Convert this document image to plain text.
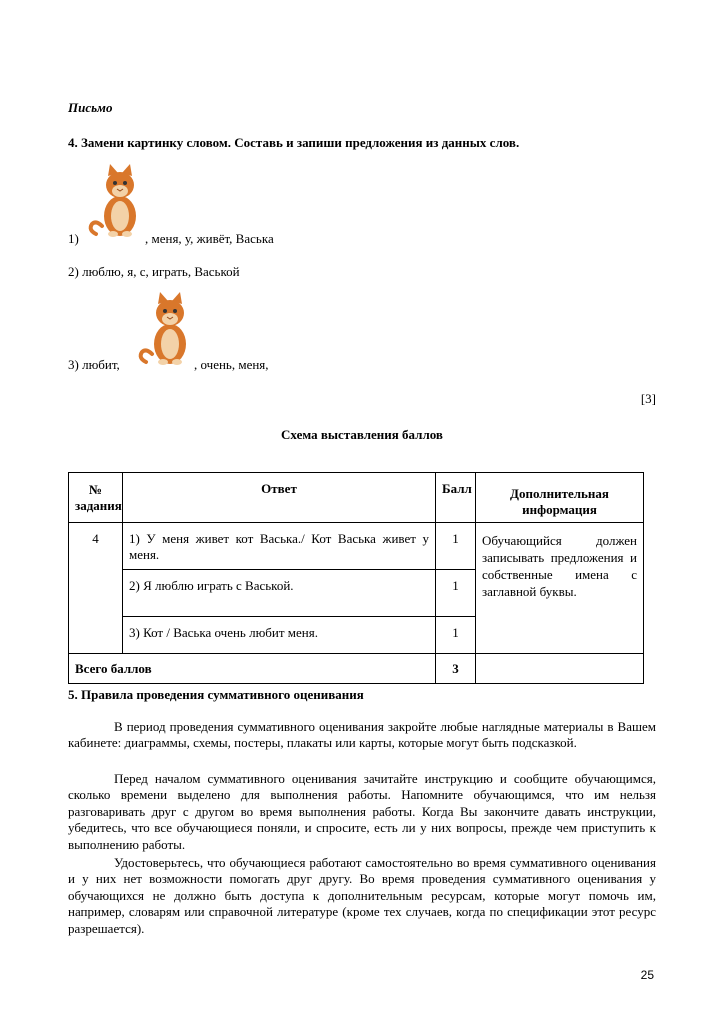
Письмо
4. Замени картинку словом. Составь и запиши предложения из данных слов.
1)	, меня, у, живёт, Васька
2) люблю, я, с, играть, Васькой
3) любит,	, очень, меня,
[3]
Схема выставления баллов
№ задания	Ответ	Балл	Дополнительная информация
4	1) У меня живет кот Васька./ Кот Васька живет у меня.	1	Обучающийся должен записывать предложения и собственные имена с заглавной буквы.
	2) Я люблю играть с Васькой.	1	
	3) Кот / Васька очень любит меня.	1	
Всего баллов		3	
5. Правила проведения суммативного оценивания
В период проведения суммативного оценивания закройте любые наглядные материалы в Вашем кабинете: диаграммы, схемы, постеры, плакаты или карты, которые могут быть подсказкой.
Перед началом суммативного оценивания зачитайте инструкцию и сообщите обучающимся, сколько времени выделено для выполнения работы. Напомните обучающимся, что им нельзя разговаривать друг с другом во время выполнения работы. Когда Вы закончите давать инструкции, убедитесь, что все обучающиеся поняли, и спросите, есть ли у них вопросы, прежде чем приступить к выполнению работы.
Удостоверьтесь, что обучающиеся работают самостоятельно во время суммативного оценивания и у них нет возможности помогать друг другу. Во время проведения суммативного оценивания у обучающихся не должно быть доступа к дополнительным ресурсам, которые могут помочь им, например, словарям или справочной литературе (кроме тех случаев, когда по спецификации этот ресурс разрешается).
25
